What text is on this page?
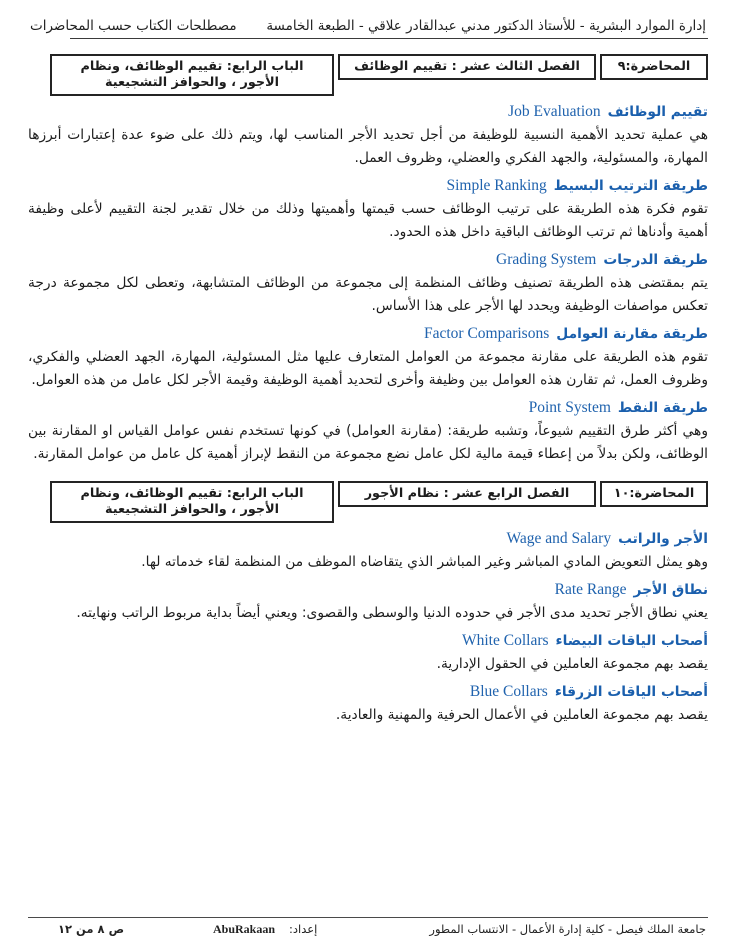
إدارة الموارد البشرية - للأستاذ الدكتور مدني عبدالقادر علاقي - الطبعة الخامسة
مصطلحات الكتاب حسب المحاضرات
المحاضرة:٩
الفصل الثالث عشر : تقييم الوظائف
الباب الرابع: تقييم الوظائف، ونظام الأجور ، والحوافز التشجيعية
تقييم الوظائفJob Evaluation

هي عملية تحديد الأهمية النسبية للوظيفة من أجل تحديد الأجر المناسب لها، ويتم ذلك على ضوء عدة إعتبارات أبرزها المهارة، والمسئولية، والجهد الفكري والعضلي، وظروف العمل.

طريقة الترتيب البسيطSimple Ranking

تقوم فكرة هذه الطريقة على ترتيب الوظائف حسب قيمتها وأهميتها وذلك من خلال تقدير لجنة التقييم لأعلى وظيفة أهمية وأدناها ثم ترتب الوظائف الباقية داخل هذه الحدود.

طريقة الدرجاتGrading System

يتم بمقتضى هذه الطريقة تصنيف وظائف المنظمة إلى مجموعة من الوظائف المتشابهة، وتعطى لكل مجموعة درجة تعكس مواصفات الوظيفة ويحدد لها الأجر على هذا الأساس.

طريقة مقارنة العواملFactor Comparisons

تقوم هذه الطريقة على مقارنة مجموعة من العوامل المتعارف عليها مثل المسئولية، المهارة، الجهد العضلي والفكري، وظروف العمل، ثم تقارن هذه العوامل بين وظيفة وأخرى لتحديد أهمية الوظيفة وقيمة الأجر لكل عامل من هذه العوامل.

طريقة النقطPoint System

وهي أكثر طرق التقييم شيوعاً، وتشبه طريقة: (مقارنة العوامل) في كونها تستخدم نفس عوامل القياس او المقارنة بين الوظائف، ولكن بدلاً من إعطاء قيمة مالية لكل عامل نضع مجموعة من النقط لإبراز أهمية كل عامل من عوامل المقارنة.

المحاضرة:١٠
الفصل الرابع عشر : نظام الأجور
الباب الرابع: تقييم الوظائف، ونظام الأجور ، والحوافز التشجيعية
الأجر والراتبWage and Salary

وهو يمثل التعويض المادي المباشر وغير المباشر الذي يتقاضاه الموظف من المنظمة لقاء خدماته لها.

نطاق الأجرRate Range

يعني نطاق الأجر تحديد مدى الأجر في حدوده الدنيا والوسطى والقصوى: ويعني أيضاً بداية مربوط الراتب ونهايته.

أصحاب الياقات البيضاءWhite Collars

يقصد بهم مجموعة العاملين في الحقول الإدارية.

أصحاب الياقات الزرقاءBlue Collars

يقصد بهم مجموعة العاملين في الأعمال الحرفية والمهنية والعادية.

جامعة الملك فيصل - كلية إدارة الأعمال - الانتساب المطور
إعداد:AbuRakaan
ص ٨ من ١٢
